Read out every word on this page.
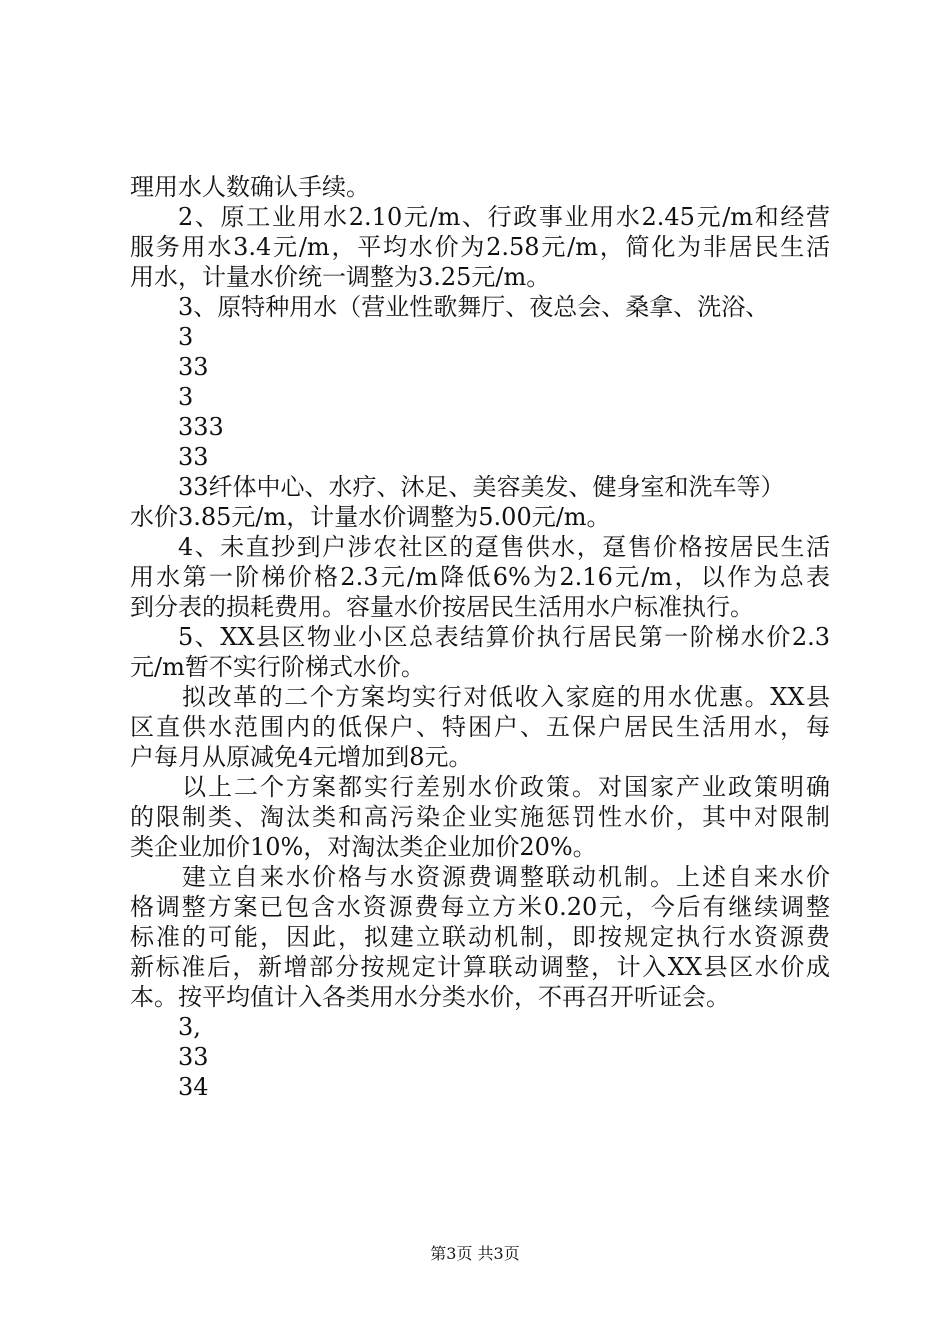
理用水人数确认手续。
2、原工业用水2.10元/m、行政事业用水2.45元/m和经营
服务用水3.4元/m，平均水价为2.58元/m，简化为非居民生活
用水，计量水价统一调整为3.25元/m。
3、原特种用水（营业性歌舞厅、夜总会、桑拿、洗浴、
3
33
3
333
33
33纤体中心、水疗、沐足、美容美发、健身室和洗车等）
水价3.85元/m，计量水价调整为5.00元/m。
4、未直抄到户涉农社区的趸售供水，趸售价格按居民生活
用水第一阶梯价格2.3元/m降低6%为2.16元/m，以作为总表
到分表的损耗费用。容量水价按居民生活用水户标准执行。
5、XX县区物业小区总表结算价执行居民第一阶梯水价2.3
元/m暂不实行阶梯式水价。
拟改革的二个方案均实行对低收入家庭的用水优惠。XX县
区直供水范围内的低保户、特困户、五保户居民生活用水，每
户每月从原减免4元增加到8元。
以上二个方案都实行差别水价政策。对国家产业政策明确
的限制类、淘汰类和高污染企业实施惩罚性水价，其中对限制
类企业加价10%，对淘汰类企业加价20%。
建立自来水价格与水资源费调整联动机制。上述自来水价
格调整方案已包含水资源费每立方米0.20元，今后有继续调整
标准的可能，因此，拟建立联动机制，即按规定执行水资源费
新标准后，新增部分按规定计算联动调整，计入XX县区水价成
本。按平均值计入各类用水分类水价，不再召开听证会。
3,
33
34
第3页 共3页
